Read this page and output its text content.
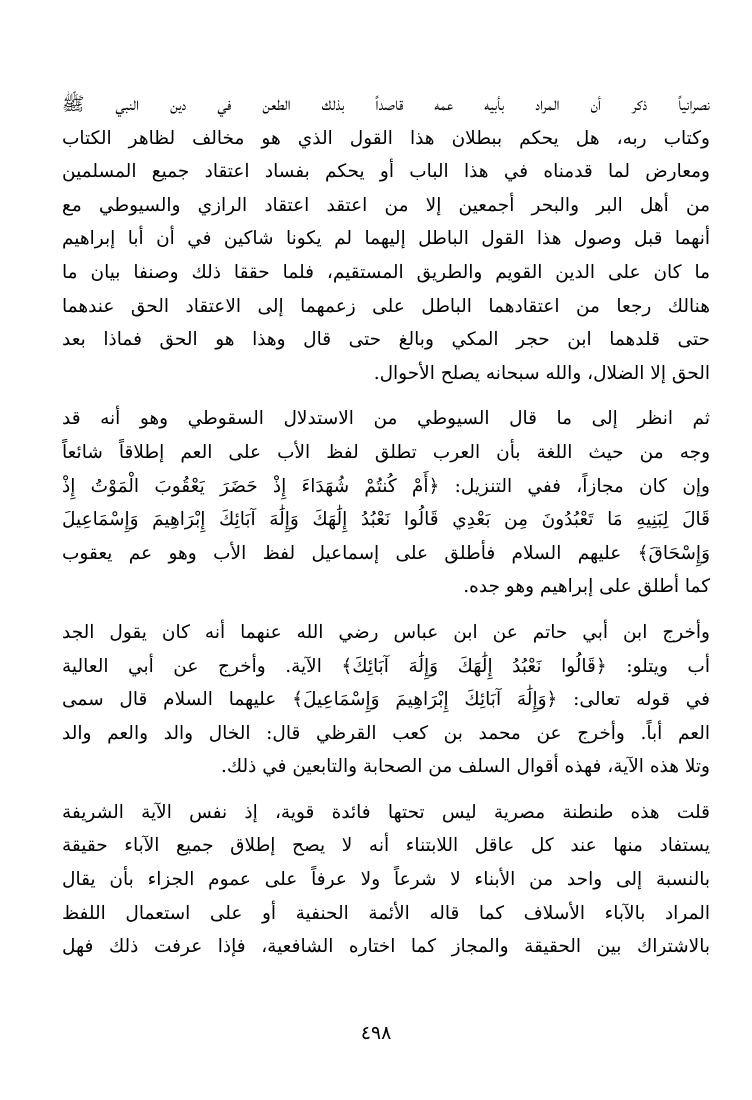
نصرانياً ذكر أن المراد بأبيه عمه قاصداً بذلك الطعن في دين النبي ﷺ
وكتاب ربه، هل يحكم ببطلان هذا القول الذي هو مخالف لظاهر الكتاب
ومعارض لما قدمناه في هذا الباب أو يحكم بفساد اعتقاد جميع المسلمين
من أهل البر والبحر أجمعين إلا من اعتقد اعتقاد الرازي والسيوطي مع
أنهما قبل وصول هذا القول الباطل إليهما لم يكونا شاكين في أن أبا إبراهيم
ما كان على الدين القويم والطريق المستقيم، فلما حققا ذلك وصنفا بيان ما
هنالك رجعا من اعتقادهما الباطل على زعمهما إلى الاعتقاد الحق عندهما
حتى قلدهما ابن حجر المكي وبالغ حتى قال وهذا هو الحق فماذا بعد
الحق إلا الضلال، والله سبحانه يصلح الأحوال.
ثم انظر إلى ما قال السيوطي من الاستدلال السقوطي وهو أنه قد
وجه من حيث اللغة بأن العرب تطلق لفظ الأب على العم إطلاقاً شائعاً
وإن كان مجازاً، ففي التنزيل: ﴿أَمْ كُنتُمْ شُهَدَاءَ إِذْ حَضَرَ يَعْقُوبَ الْمَوْتُ إِذْ
قَالَ لِبَنِيهِ مَا تَعْبُدُونَ مِن بَعْدِي قَالُوا نَعْبُدُ إِلَٰهَكَ وَإِلَٰهَ آبَائِكَ إِبْرَاهِيمَ وَإِسْمَاعِيلَ
وَإِسْحَاقَ﴾ عليهم السلام فأطلق على إسماعيل لفظ الأب وهو عم يعقوب
كما أطلق على إبراهيم وهو جده.
وأخرج ابن أبي حاتم عن ابن عباس رضي الله عنهما أنه كان يقول الجد
أب ويتلو: ﴿قَالُوا نَعْبُدُ إِلَٰهَكَ وَإِلَٰهَ آبَائِكَ﴾ الآية. وأخرج عن أبي العالية
في قوله تعالى: ﴿وَإِلَٰهَ آبَائِكَ إِبْرَاهِيمَ وَإِسْمَاعِيلَ﴾ عليهما السلام قال سمى
العم أباً. وأخرج عن محمد بن كعب القرظي قال: الخال والد والعم والد
وتلا هذه الآية، فهذه أقوال السلف من الصحابة والتابعين في ذلك.
قلت هذه طنطنة مصرية ليس تحتها فائدة قوية، إذ نفس الآية الشريفة
يستفاد منها عند كل عاقل اللابتناء أنه لا يصح إطلاق جميع الآباء حقيقة
بالنسبة إلى واحد من الأبناء لا شرعاً ولا عرفاً على عموم الجزاء بأن يقال
المراد بالآباء الأسلاف كما قاله الأئمة الحنفية أو على استعمال اللفظ
بالاشتراك بين الحقيقة والمجاز كما اختاره الشافعية، فإذا عرفت ذلك فهل
٤٩٨
